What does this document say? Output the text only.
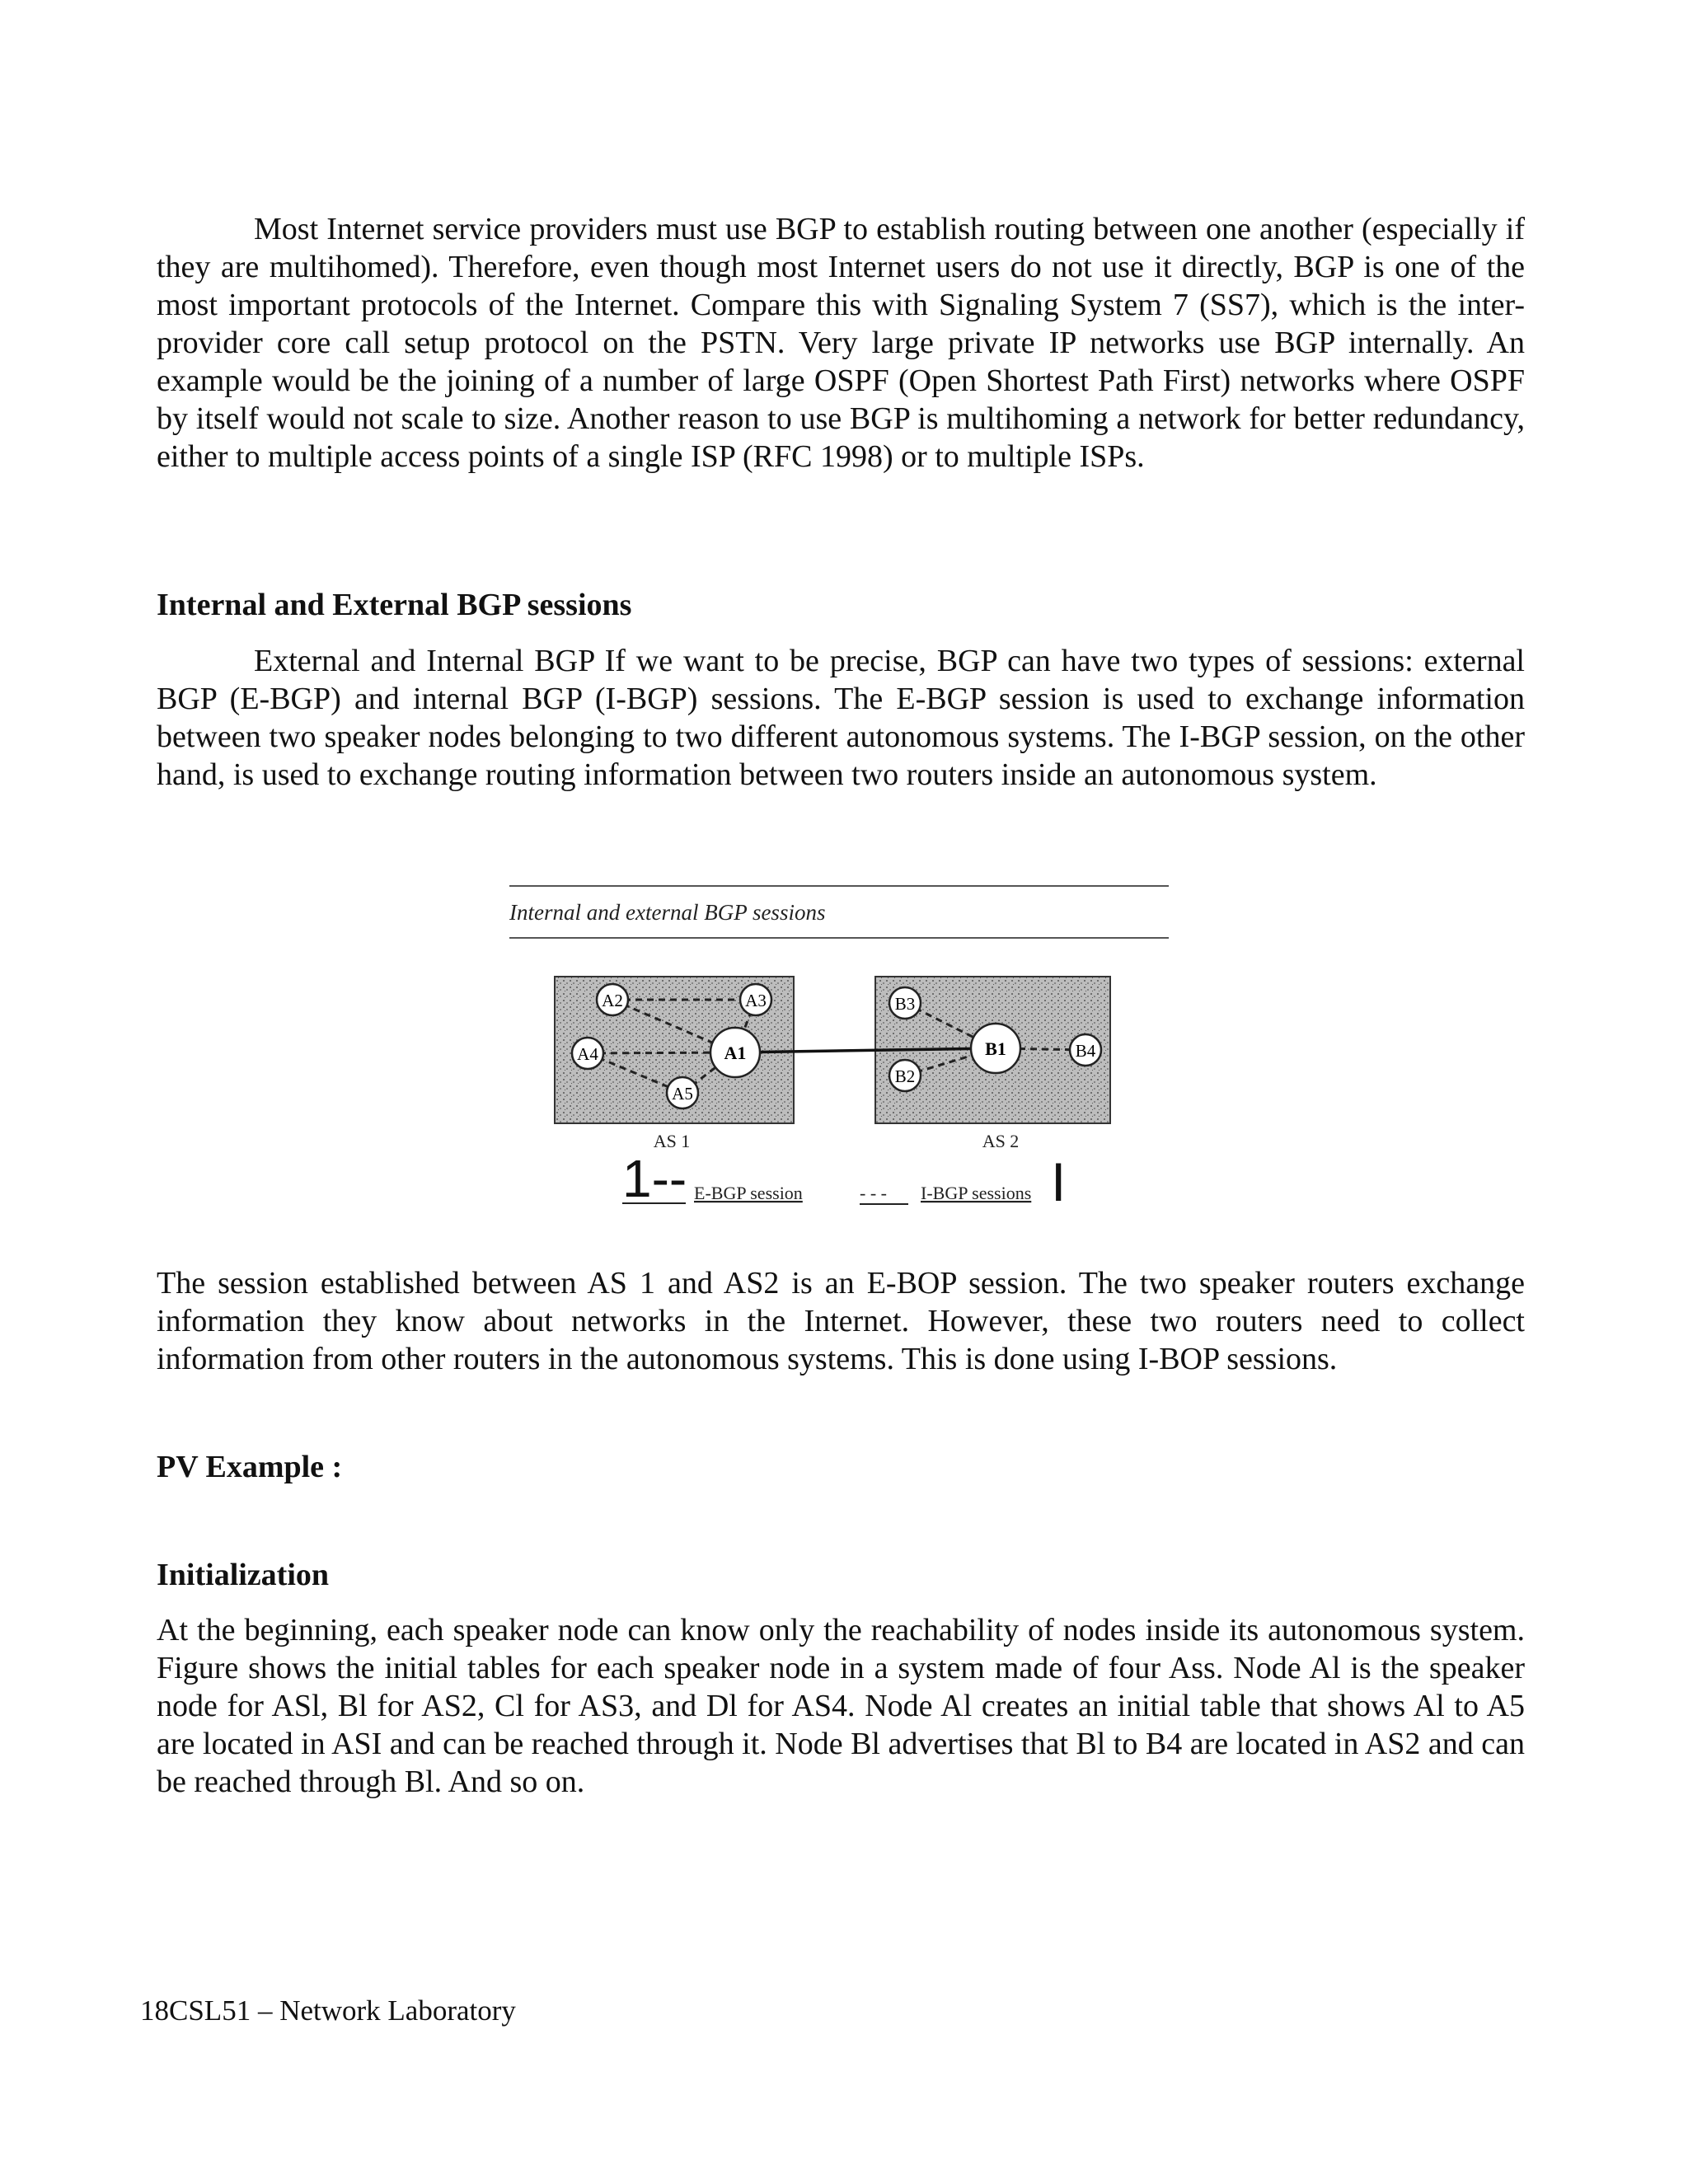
Most Internet service providers must use BGP to establish routing between one another (especially if they are multihomed). Therefore, even though most Internet users do not use it directly, BGP is one of the most important protocols of the Internet. Compare this with Signaling System 7 (SS7), which is the inter-provider core call setup protocol on the PSTN. Very large private IP networks use BGP internally. An example would be the joining of a number of large OSPF (Open Shortest Path First) networks where OSPF by itself would not scale to size. Another reason to use BGP is multihoming a network for better redundancy, either to multiple access points of a single ISP (RFC 1998) or to multiple ISPs.

Internal and External BGP sessions

External and Internal BGP If we want to be precise, BGP can have two types of sessions: external BGP (E-BGP) and internal BGP (I-BGP) sessions. The E-BGP session is used to exchange information between two speaker nodes belonging to two different autonomous systems. The I-BGP session, on the other hand, is used to exchange routing information between two routers inside an autonomous system.

Internal and external BGP sessions
A2	A3
A4	A1
A5
B3
B1	B4
B2
AS 1	AS 2
1-- E-BGP session	- - - I-BGP sessions I

The session established between AS 1 and AS2 is an E-BOP session. The two speaker routers exchange information they know about networks in the Internet. However, these two routers need to collect information from other routers in the autonomous systems. This is done using I-BOP sessions.

PV Example :

Initialization

At the beginning, each speaker node can know only the reachability of nodes inside its autonomous system. Figure shows the initial tables for each speaker node in a system made of four Ass. Node Al is the speaker node for ASl, Bl for AS2, Cl for AS3, and Dl for AS4. Node Al creates an initial table that shows Al to A5 are located in ASI and can be reached through it. Node Bl advertises that Bl to B4 are located in AS2 and can be reached through Bl. And so on.

18CSL51 – Network Laboratory
